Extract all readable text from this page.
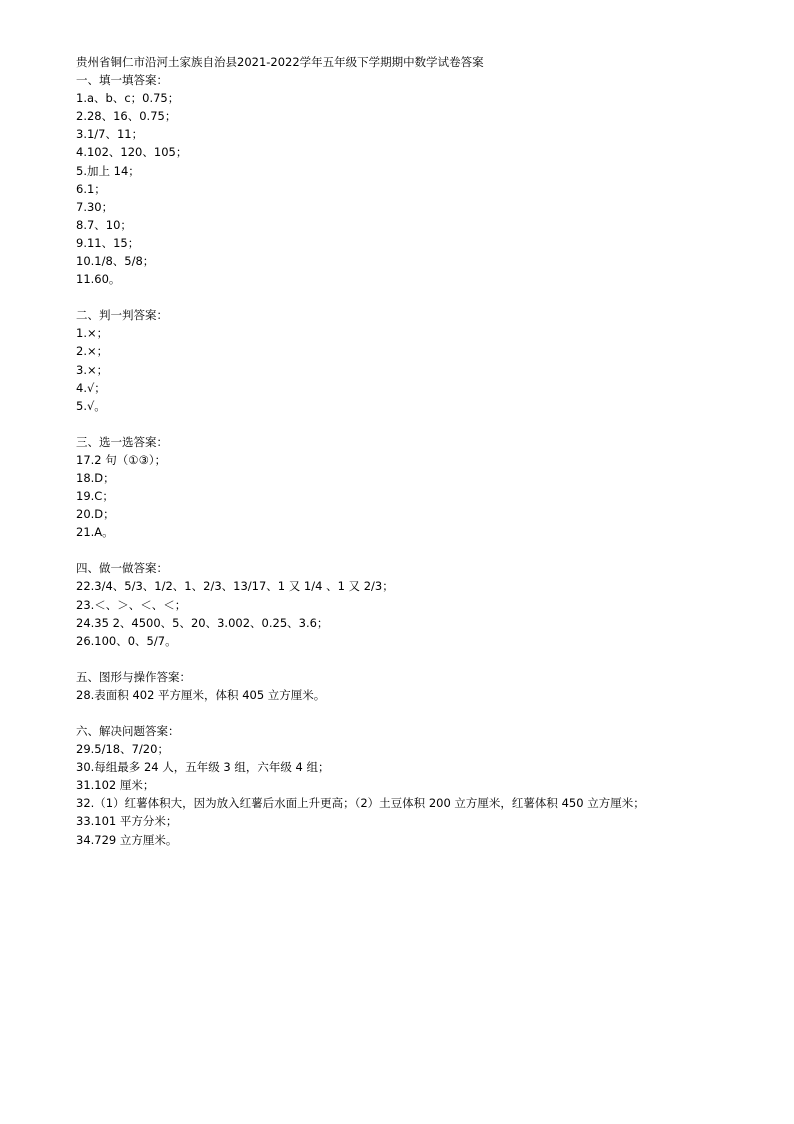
贵州省铜仁市沿河土家族自治县2021-2022学年五年级下学期期中数学试卷答案
一、填一填答案：
1.a、b、c；0.75；
2.28、16、0.75；
3.1/7、11；
4.102、120、105；
5.加上 14；
6.1；
7.30；
8.7、10；
9.11、15；
10.1/8、5/8；
11.60。
二、判一判答案：
1.×；
2.×；
3.×；
4.√；
5.√。
三、选一选答案：
17.2 句（①③）；
18.D；
19.C；
20.D；
21.A。
四、做一做答案：
22.3/4、5/3、1/2、1、2/3、13/17、1 又 1/4 、1 又 2/3；
23.＜、＞、＜、＜；
24.35 2、4500、5、20、3.002、0.25、3.6；
26.100、0、5/7。
五、图形与操作答案：
28.表面积 402 平方厘米，体积 405 立方厘米。
六、解决问题答案：
29.5/18、7/20；
30.每组最多 24 人，五年级 3 组，六年级 4 组；
31.102 厘米；
32.（1）红薯体积大，因为放入红薯后水面上升更高；（2）土豆体积 200 立方厘米，红薯体积 450 立方厘米；
33.101 平方分米；
34.729 立方厘米。
